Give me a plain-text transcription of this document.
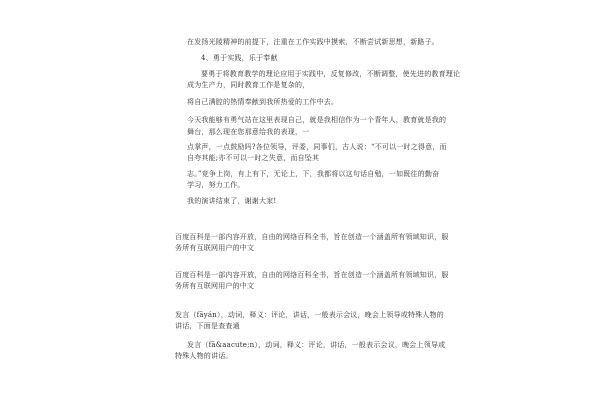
在发扬光陵精神的前提下，注重在工作实践中摸索，不断尝试新思想，新路子。
4、勇于实践，乐于奉献
要勇于将教育教学的理论应用于实践中，反复修改，不断调整，使先进的教育理论
成为生产力，同时教育工作是复杂的，
将自己满腔的热情奉献到我所热爱的工作中去。
今天我能够有勇气站在这里表现自己，就是我相信作为一个青年人，教育就是我的
舞台，那么现在您那意给我的表现，一
点掌声，一点鼓励吗?各位领导，评委，同事们，古人说：“不可以一时之得意，而
自夸其能;亦不可以一时之失意，而自坠其
志。”竞争上岗，有上有下，无论上，下，我都将以这句话自勉，一如既往的勤奋
学习，努力工作。
我的演讲结束了，谢谢大家!
百度百科是一部内容开放，自由的网络百科全书，旨在创造一个涵盖所有领域知识，服
务所有互联网用户的中文
百度百科是一部内容开放，自由的网络百科全书，旨在创造一个涵盖所有领域知识，服
务所有互联网用户的中文
发言（fāyán），动词，释义：评论，讲话，一般表示会议，晚会上领导或特殊人物的
讲话，下面是查查通
发言（fā&aacute;n），动词，释义：评论，讲话，一般表示会议，晚会上领导或
特殊人物的讲话。
